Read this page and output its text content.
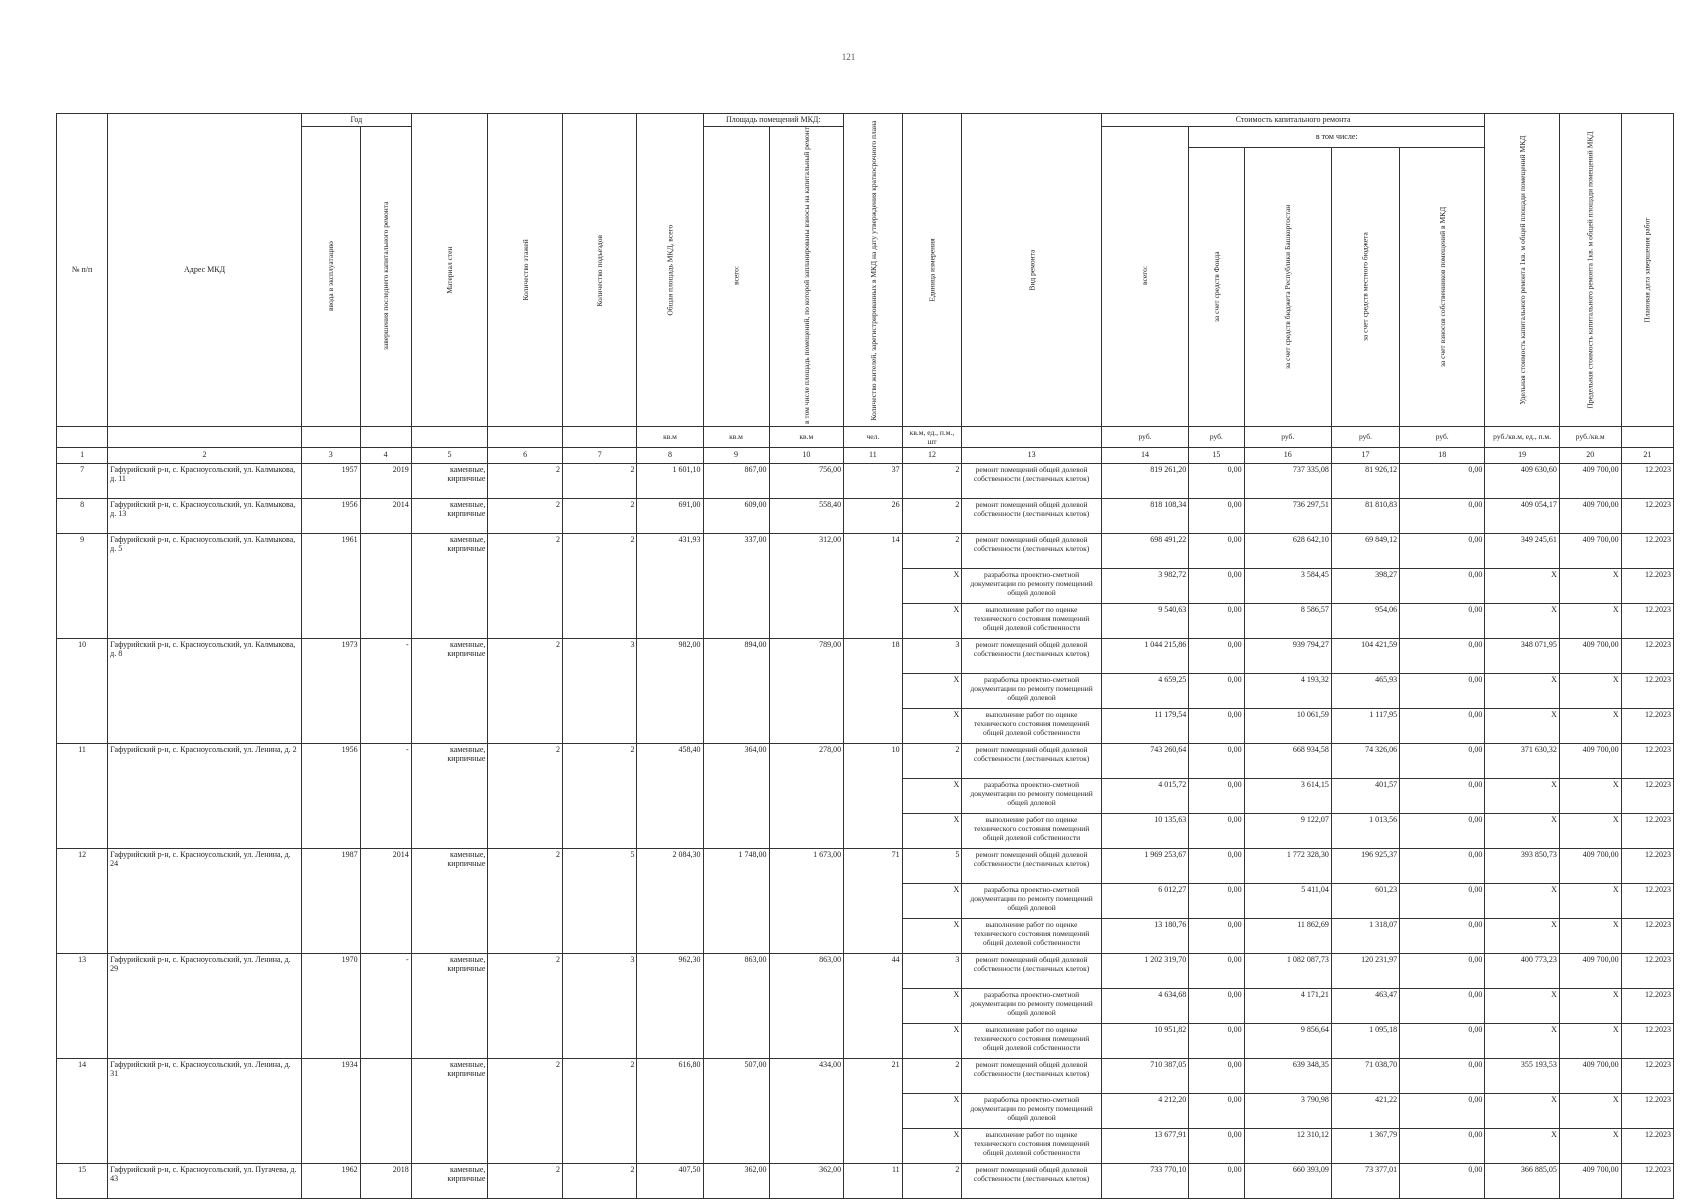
121
№ п/п	Адрес МКД	Год		Материал стен	Количество этажей	Количество подъездов	Общая площадь МКД, всего	Площадь помещений МКД:		Количество жителей, зарегистрированных в МКД на дату утверждения краткосрочного плана	Единица измерения	Вид ремонта	Стоимость капитального ремонта					Удельная стоимость капитального ремонта 1кв. м общей площади помещений МКД	Предельная стоимость капитального ремонта 1кв. м общей площади помещений МКД	Плановая дата завершения работ
		ввода в эксплуатацию	завершения последнего капитального ремонта					всего:	в том числе площадь помещений, по которой запланированы взносы на капитальный ремонт				всего:	в том числе:						
														за счет средств Фонда	за счет средств бюджета Республики Башкортостан	за счет средств местного бюджета	за счет взносов собственников помещений в МКД			
							кв.м	кв.м	кв.м	чел.	кв.м, ед., п.м., шт		руб.	руб.	руб.	руб.	руб.	руб./кв.м, ед., п.м.	руб./кв.м	
1	2	3	4	5	6	7	8	9	10	11	12	13	14	15	16	17	18	19	20	21
7	Гафурийский р-н, с. Красноусольский, ул. Калмыкова, д. 11	1957	2019	каменные, кирпичные	2	2	1 601,10	867,00	756,00	37	2	ремонт помещений общей долевой собственности (лестничных клеток)	819 261,20	0,00	737 335,08	81 926,12	0,00	409 630,60	409 700,00	12.2023
8	Гафурийский р-н, с. Красноусольский, ул. Калмыкова, д. 13	1956	2014	каменные, кирпичные	2	2	691,00	609,00	558,40	26	2	ремонт помещений общей долевой собственности (лестничных клеток)	818 108,34	0,00	736 297,51	81 810,83	0,00	409 054,17	409 700,00	12.2023
9	Гафурийский р-н, с. Красноусольский, ул. Калмыкова, д. 5	1961		каменные, кирпичные	2	2	431,93	337,00	312,00	14	2	ремонт помещений общей долевой собственности (лестничных клеток)	698 491,22	0,00	628 642,10	69 849,12	0,00	349 245,61	409 700,00	12.2023
											X	разработка проектно-сметной документации по ремонту помещений общей долевой	3 982,72	0,00	3 584,45	398,27	0,00	X	X	12.2023
											X	выполнение работ по оценке технического состояния помещений общей долевой собственности	9 540,63	0,00	8 586,57	954,06	0,00	X	X	12.2023
10	Гафурийский р-н, с. Красноусольский, ул. Калмыкова, д. 8	1973	-	каменные, кирпичные	2	3	982,00	894,00	789,00	18	3	ремонт помещений общей долевой собственности (лестничных клеток)	1 044 215,86	0,00	939 794,27	104 421,59	0,00	348 071,95	409 700,00	12.2023
											X	разработка проектно-сметной документации по ремонту помещений общей долевой	4 659,25	0,00	4 193,32	465,93	0,00	X	X	12.2023
											X	выполнение работ по оценке технического состояния помещений общей долевой собственности	11 179,54	0,00	10 061,59	1 117,95	0,00	X	X	12.2023
11	Гафурийский р-н, с. Красноусольский, ул. Ленина, д. 2	1956	-	каменные, кирпичные	2	2	458,40	364,00	278,00	10	2	ремонт помещений общей долевой собственности (лестничных клеток)	743 260,64	0,00	668 934,58	74 326,06	0,00	371 630,32	409 700,00	12.2023
											X	разработка проектно-сметной документации по ремонту помещений общей долевой	4 015,72	0,00	3 614,15	401,57	0,00	X	X	12.2023
											X	выполнение работ по оценке технического состояния помещений общей долевой собственности	10 135,63	0,00	9 122,07	1 013,56	0,00	X	X	12.2023
12	Гафурийский р-н, с. Красноусольский, ул. Ленина, д. 24	1987	2014	каменные, кирпичные	2	5	2 084,30	1 748,00	1 673,00	71	5	ремонт помещений общей долевой собственности (лестничных клеток)	1 969 253,67	0,00	1 772 328,30	196 925,37	0,00	393 850,73	409 700,00	12.2023
											X	разработка проектно-сметной документации по ремонту помещений общей долевой	6 012,27	0,00	5 411,04	601,23	0,00	X	X	12.2023
											X	выполнение работ по оценке технического состояния помещений общей долевой собственности	13 180,76	0,00	11 862,69	1 318,07	0,00	X	X	12.2023
13	Гафурийский р-н, с. Красноусольский, ул. Ленина, д. 29	1970	-	каменные, кирпичные	2	3	962,30	863,00	863,00	44	3	ремонт помещений общей долевой собственности (лестничных клеток)	1 202 319,70	0,00	1 082 087,73	120 231,97	0,00	400 773,23	409 700,00	12.2023
											X	разработка проектно-сметной документации по ремонту помещений общей долевой	4 634,68	0,00	4 171,21	463,47	0,00	X	X	12.2023
											X	выполнение работ по оценке технического состояния помещений общей долевой собственности	10 951,82	0,00	9 856,64	1 095,18	0,00	X	X	12.2023
14	Гафурийский р-н, с. Красноусольский, ул. Ленина, д. 31	1934		каменные, кирпичные	2	2	616,80	507,00	434,00	21	2	ремонт помещений общей долевой собственности (лестничных клеток)	710 387,05	0,00	639 348,35	71 038,70	0,00	355 193,53	409 700,00	12.2023
											X	разработка проектно-сметной документации по ремонту помещений общей долевой	4 212,20	0,00	3 790,98	421,22	0,00	X	X	12.2023
											X	выполнение работ по оценке технического состояния помещений общей долевой собственности	13 677,91	0,00	12 310,12	1 367,79	0,00	X	X	12.2023
15	Гафурийский р-н, с. Красноусольский, ул. Пугачева, д. 43	1962	2018	каменные, кирпичные	2	2	407,50	362,00	362,00	11	2	ремонт помещений общей долевой собственности (лестничных клеток)	733 770,10	0,00	660 393,09	73 377,01	0,00	366 885,05	409 700,00	12.2023
